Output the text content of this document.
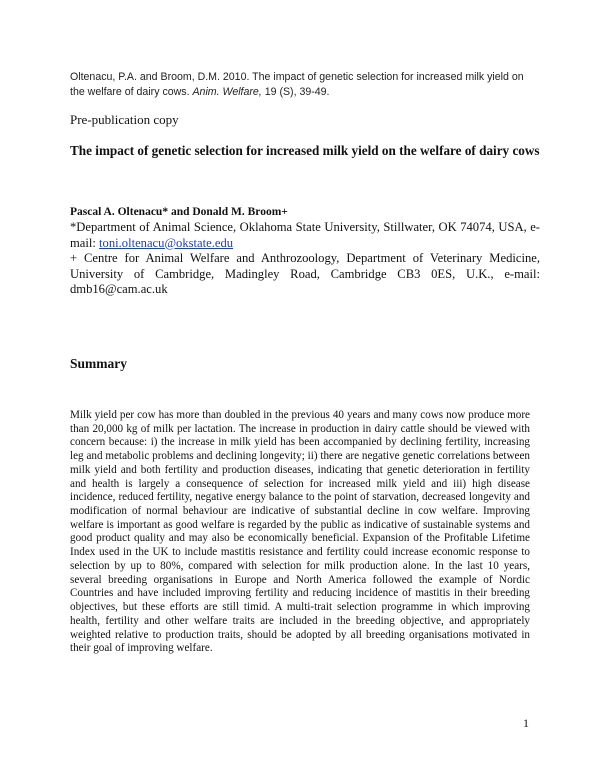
Oltenacu, P.A. and Broom, D.M. 2010. The impact of genetic selection for increased milk yield on the welfare of dairy cows. Anim. Welfare, 19 (S), 39-49.
Pre-publication copy
The impact of genetic selection for increased milk yield on the welfare of dairy cows
Pascal A. Oltenacu* and Donald M. Broom+
*Department of Animal Science, Oklahoma State University, Stillwater, OK 74074, USA, e-mail: toni.oltenacu@okstate.edu
+ Centre for Animal Welfare and Anthrozoology, Department of Veterinary Medicine, University of Cambridge, Madingley Road, Cambridge CB3 0ES, U.K., e-mail: dmb16@cam.ac.uk
Summary

Milk yield per cow has more than doubled in the previous 40 years and many cows now produce more than 20,000 kg of milk per lactation. The increase in production in dairy cattle should be viewed with concern because: i) the increase in milk yield has been accompanied by declining fertility, increasing leg and metabolic problems and declining longevity; ii) there are negative genetic correlations between milk yield and both fertility and production diseases, indicating that genetic deterioration in fertility and health is largely a consequence of selection for increased milk yield and iii) high disease incidence, reduced fertility, negative energy balance to the point of starvation, decreased longevity and modification of normal behaviour are indicative of substantial decline in cow welfare. Improving welfare is important as good welfare is regarded by the public as indicative of sustainable systems and good product quality and may also be economically beneficial. Expansion of the Profitable Lifetime Index used in the UK to include mastitis resistance and fertility could increase economic response to selection by up to 80%, compared with selection for milk production alone. In the last 10 years, several breeding organisations in Europe and North America followed the example of Nordic Countries and have included improving fertility and reducing incidence of mastitis in their breeding objectives, but these efforts are still timid. A multi-trait selection programme in which improving health, fertility and other welfare traits are included in the breeding objective, and appropriately weighted relative to production traits, should be adopted by all breeding organisations motivated in their goal of improving welfare.

1
